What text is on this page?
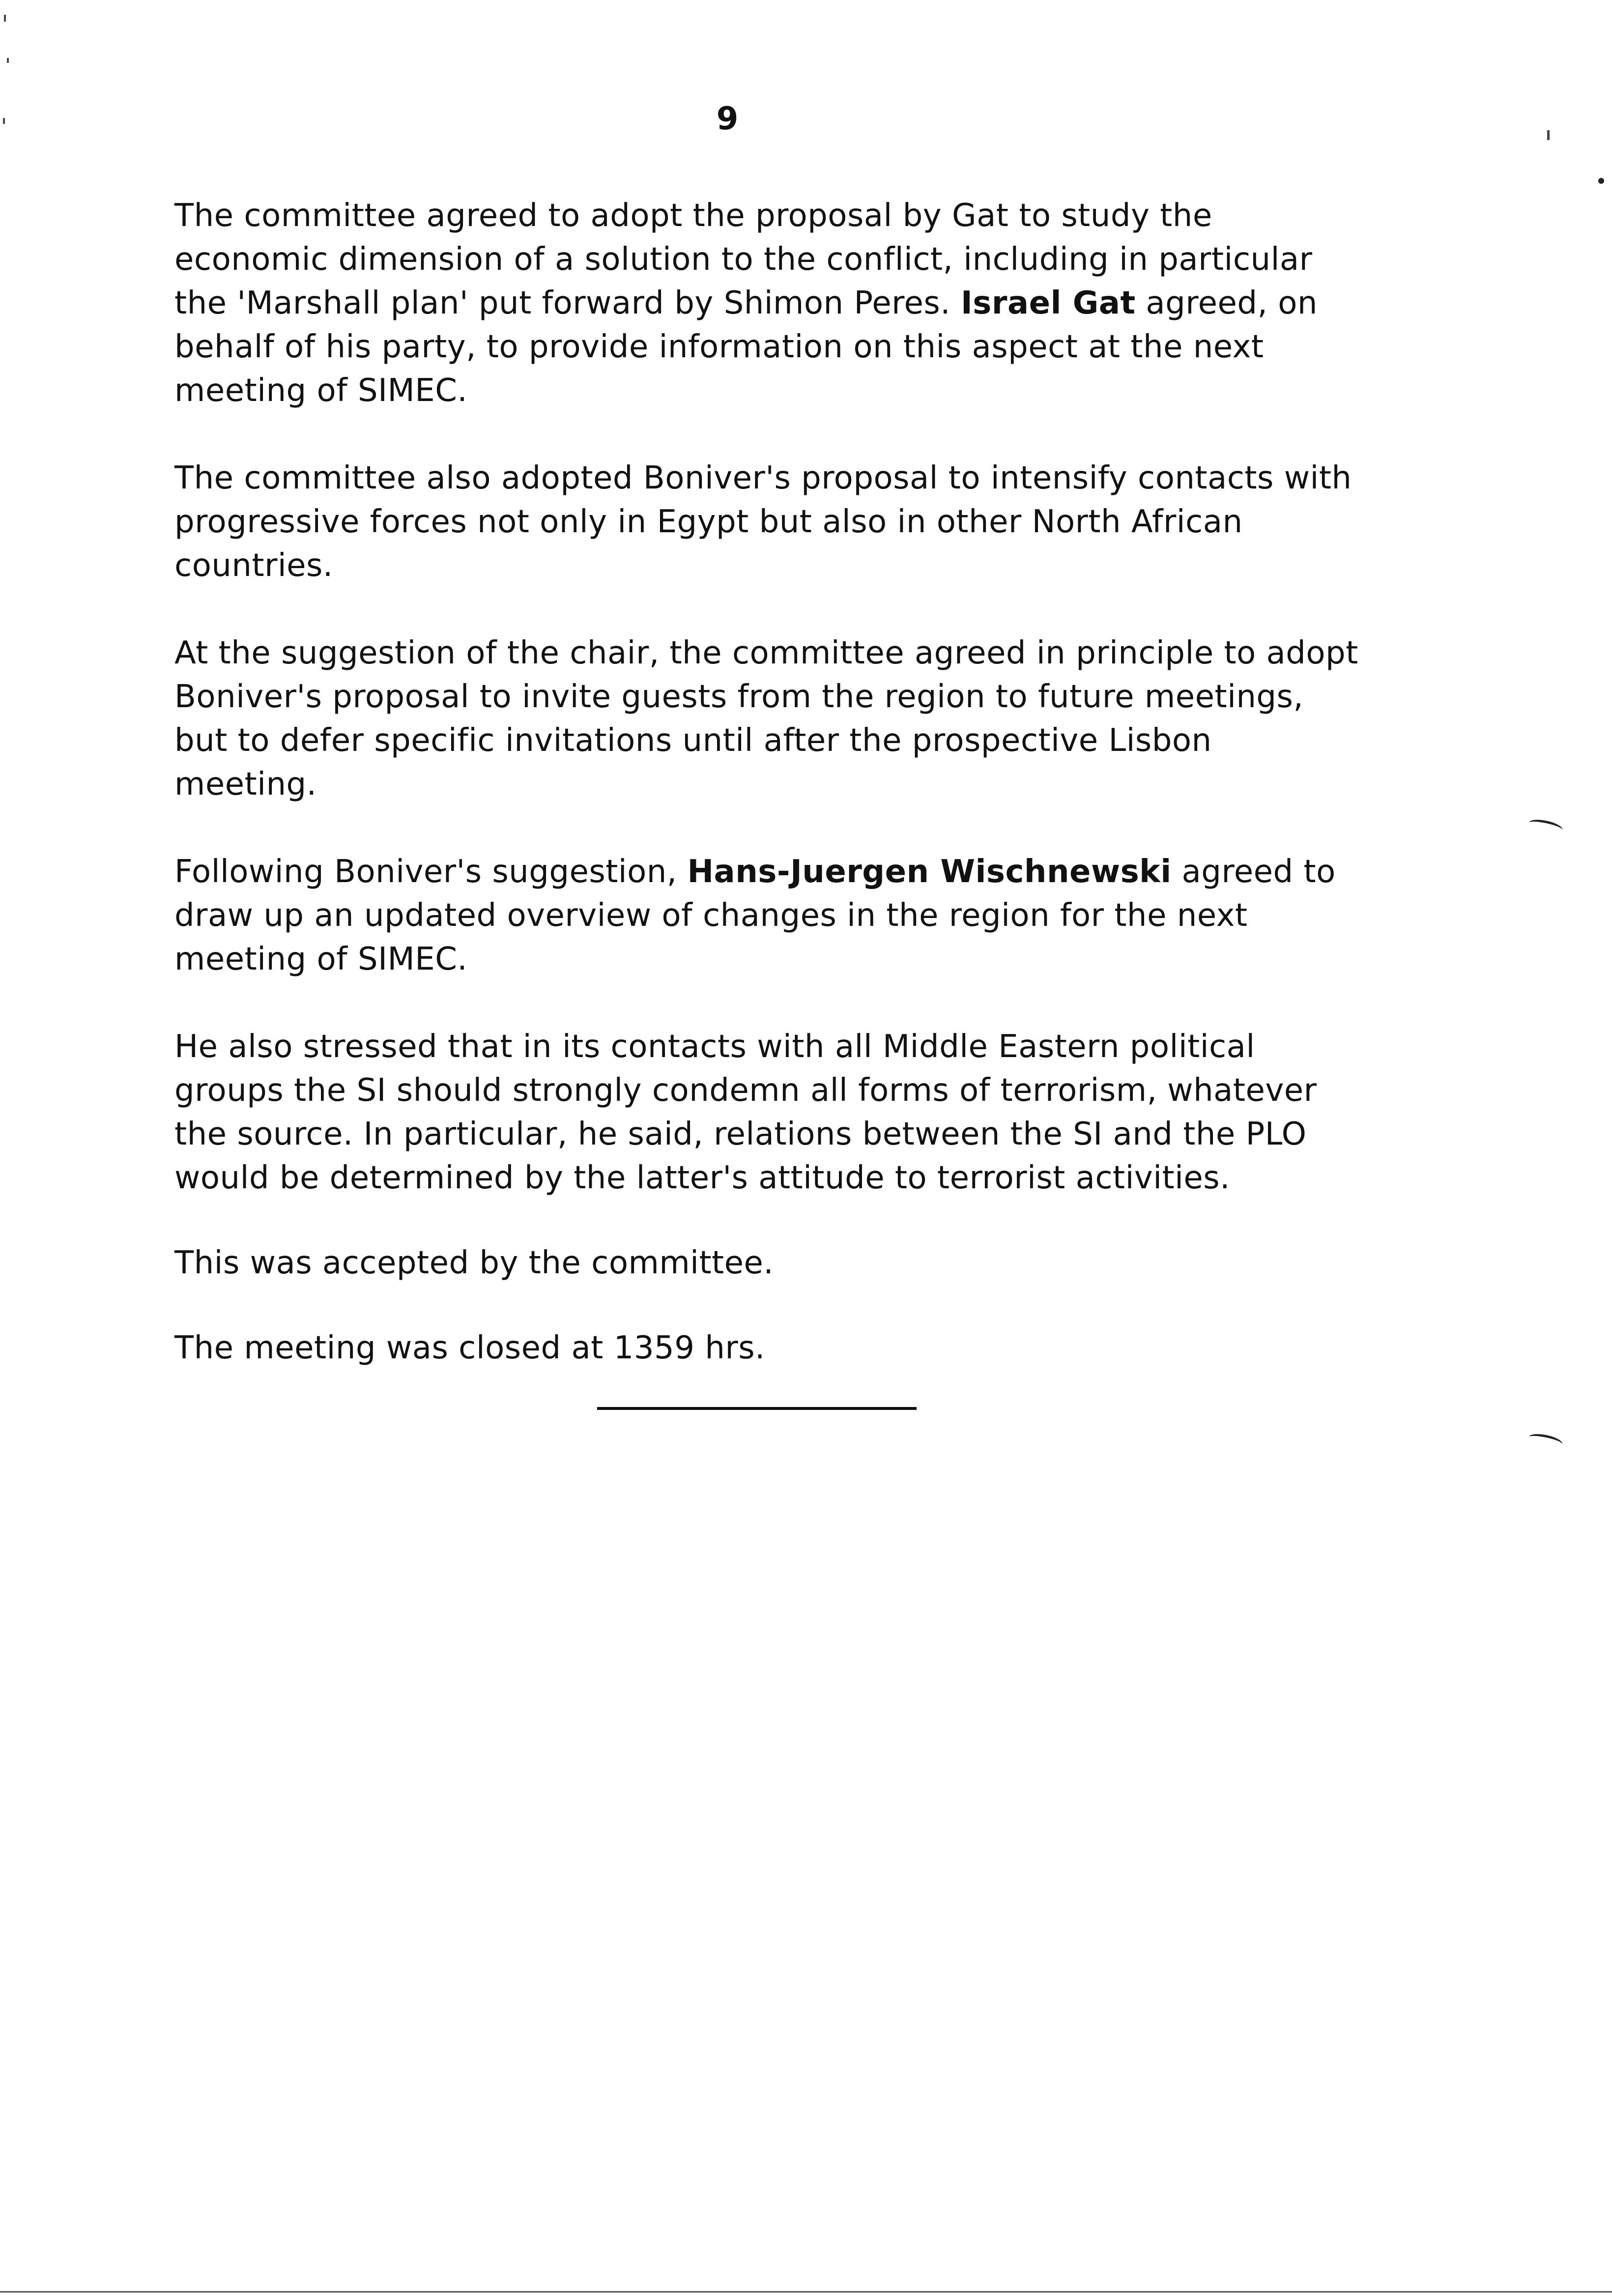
9

The committee agreed to adopt the proposal by Gat to study the economic dimension of a solution to the conflict, including in particular the 'Marshall plan' put forward by Shimon Peres. Israel Gat agreed, on behalf of his party, to provide information on this aspect at the next meeting of SIMEC.

The committee also adopted Boniver's proposal to intensify contacts with progressive forces not only in Egypt but also in other North African countries.

At the suggestion of the chair, the committee agreed in principle to adopt Boniver's proposal to invite guests from the region to future meetings, but to defer specific invitations until after the prospective Lisbon meeting.

Following Boniver's suggestion, Hans-Juergen Wischnewski agreed to draw up an updated overview of changes in the region for the next meeting of SIMEC.

He also stressed that in its contacts with all Middle Eastern political groups the SI should strongly condemn all forms of terrorism, whatever the source. In particular, he said, relations between the SI and the PLO would be determined by the latter's attitude to terrorist activities.

This was accepted by the committee.

The meeting was closed at 1359 hrs.
